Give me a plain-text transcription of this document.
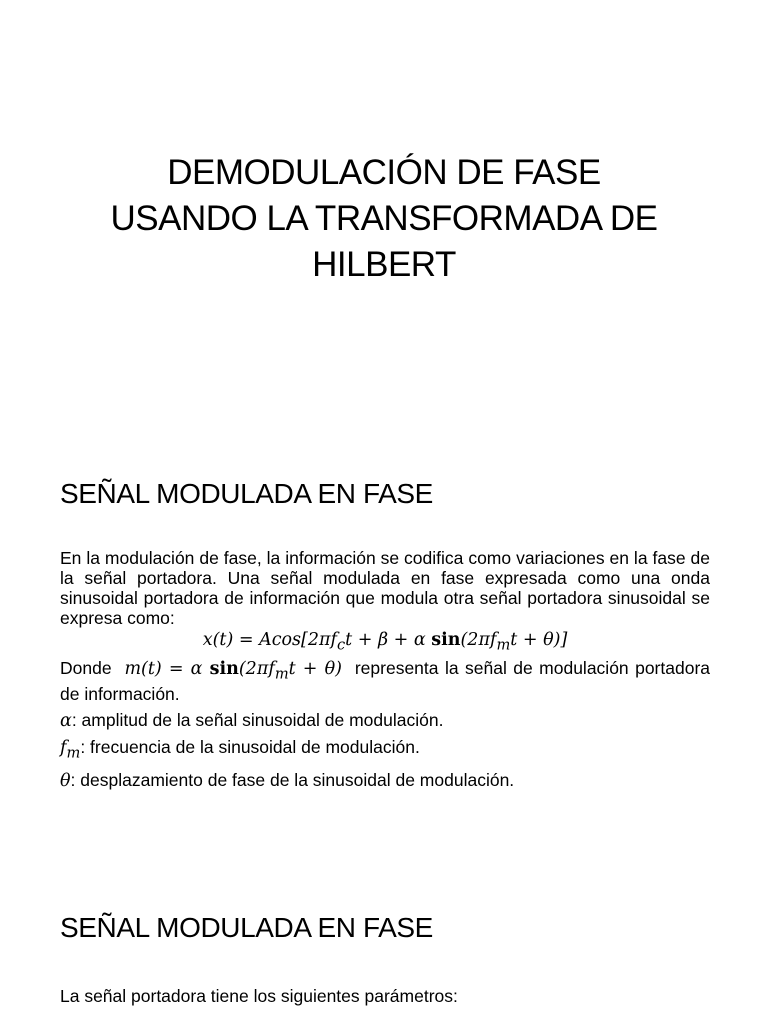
DEMODULACIÓN DE FASE
USANDO LA TRANSFORMADA DE
HILBERT
SEÑAL MODULADA EN FASE
En la modulación de fase, la información se codifica como variaciones en la fase de la señal portadora. Una señal modulada en fase expresada como una onda sinusoidal portadora de información que modula otra señal portadora sinusoidal se expresa como:
$x(t) = Acos[2\pi f_ct + \beta + \alpha$ $\sin(2\pi f_mt + \theta)$]
Donde m(t) = α $\sin(2\pi f_mt + \theta)$ representa la señal de modulación portadora de información.
α: amplitud de la señal sinusoidal de modulación.
$f_m$: frecuencia de la sinusoidal de modulación.
θ: desplazamiento de fase de la sinusoidal de modulación.
SEÑAL MODULADA EN FASE
La señal portadora tiene los siguientes parámetros:
